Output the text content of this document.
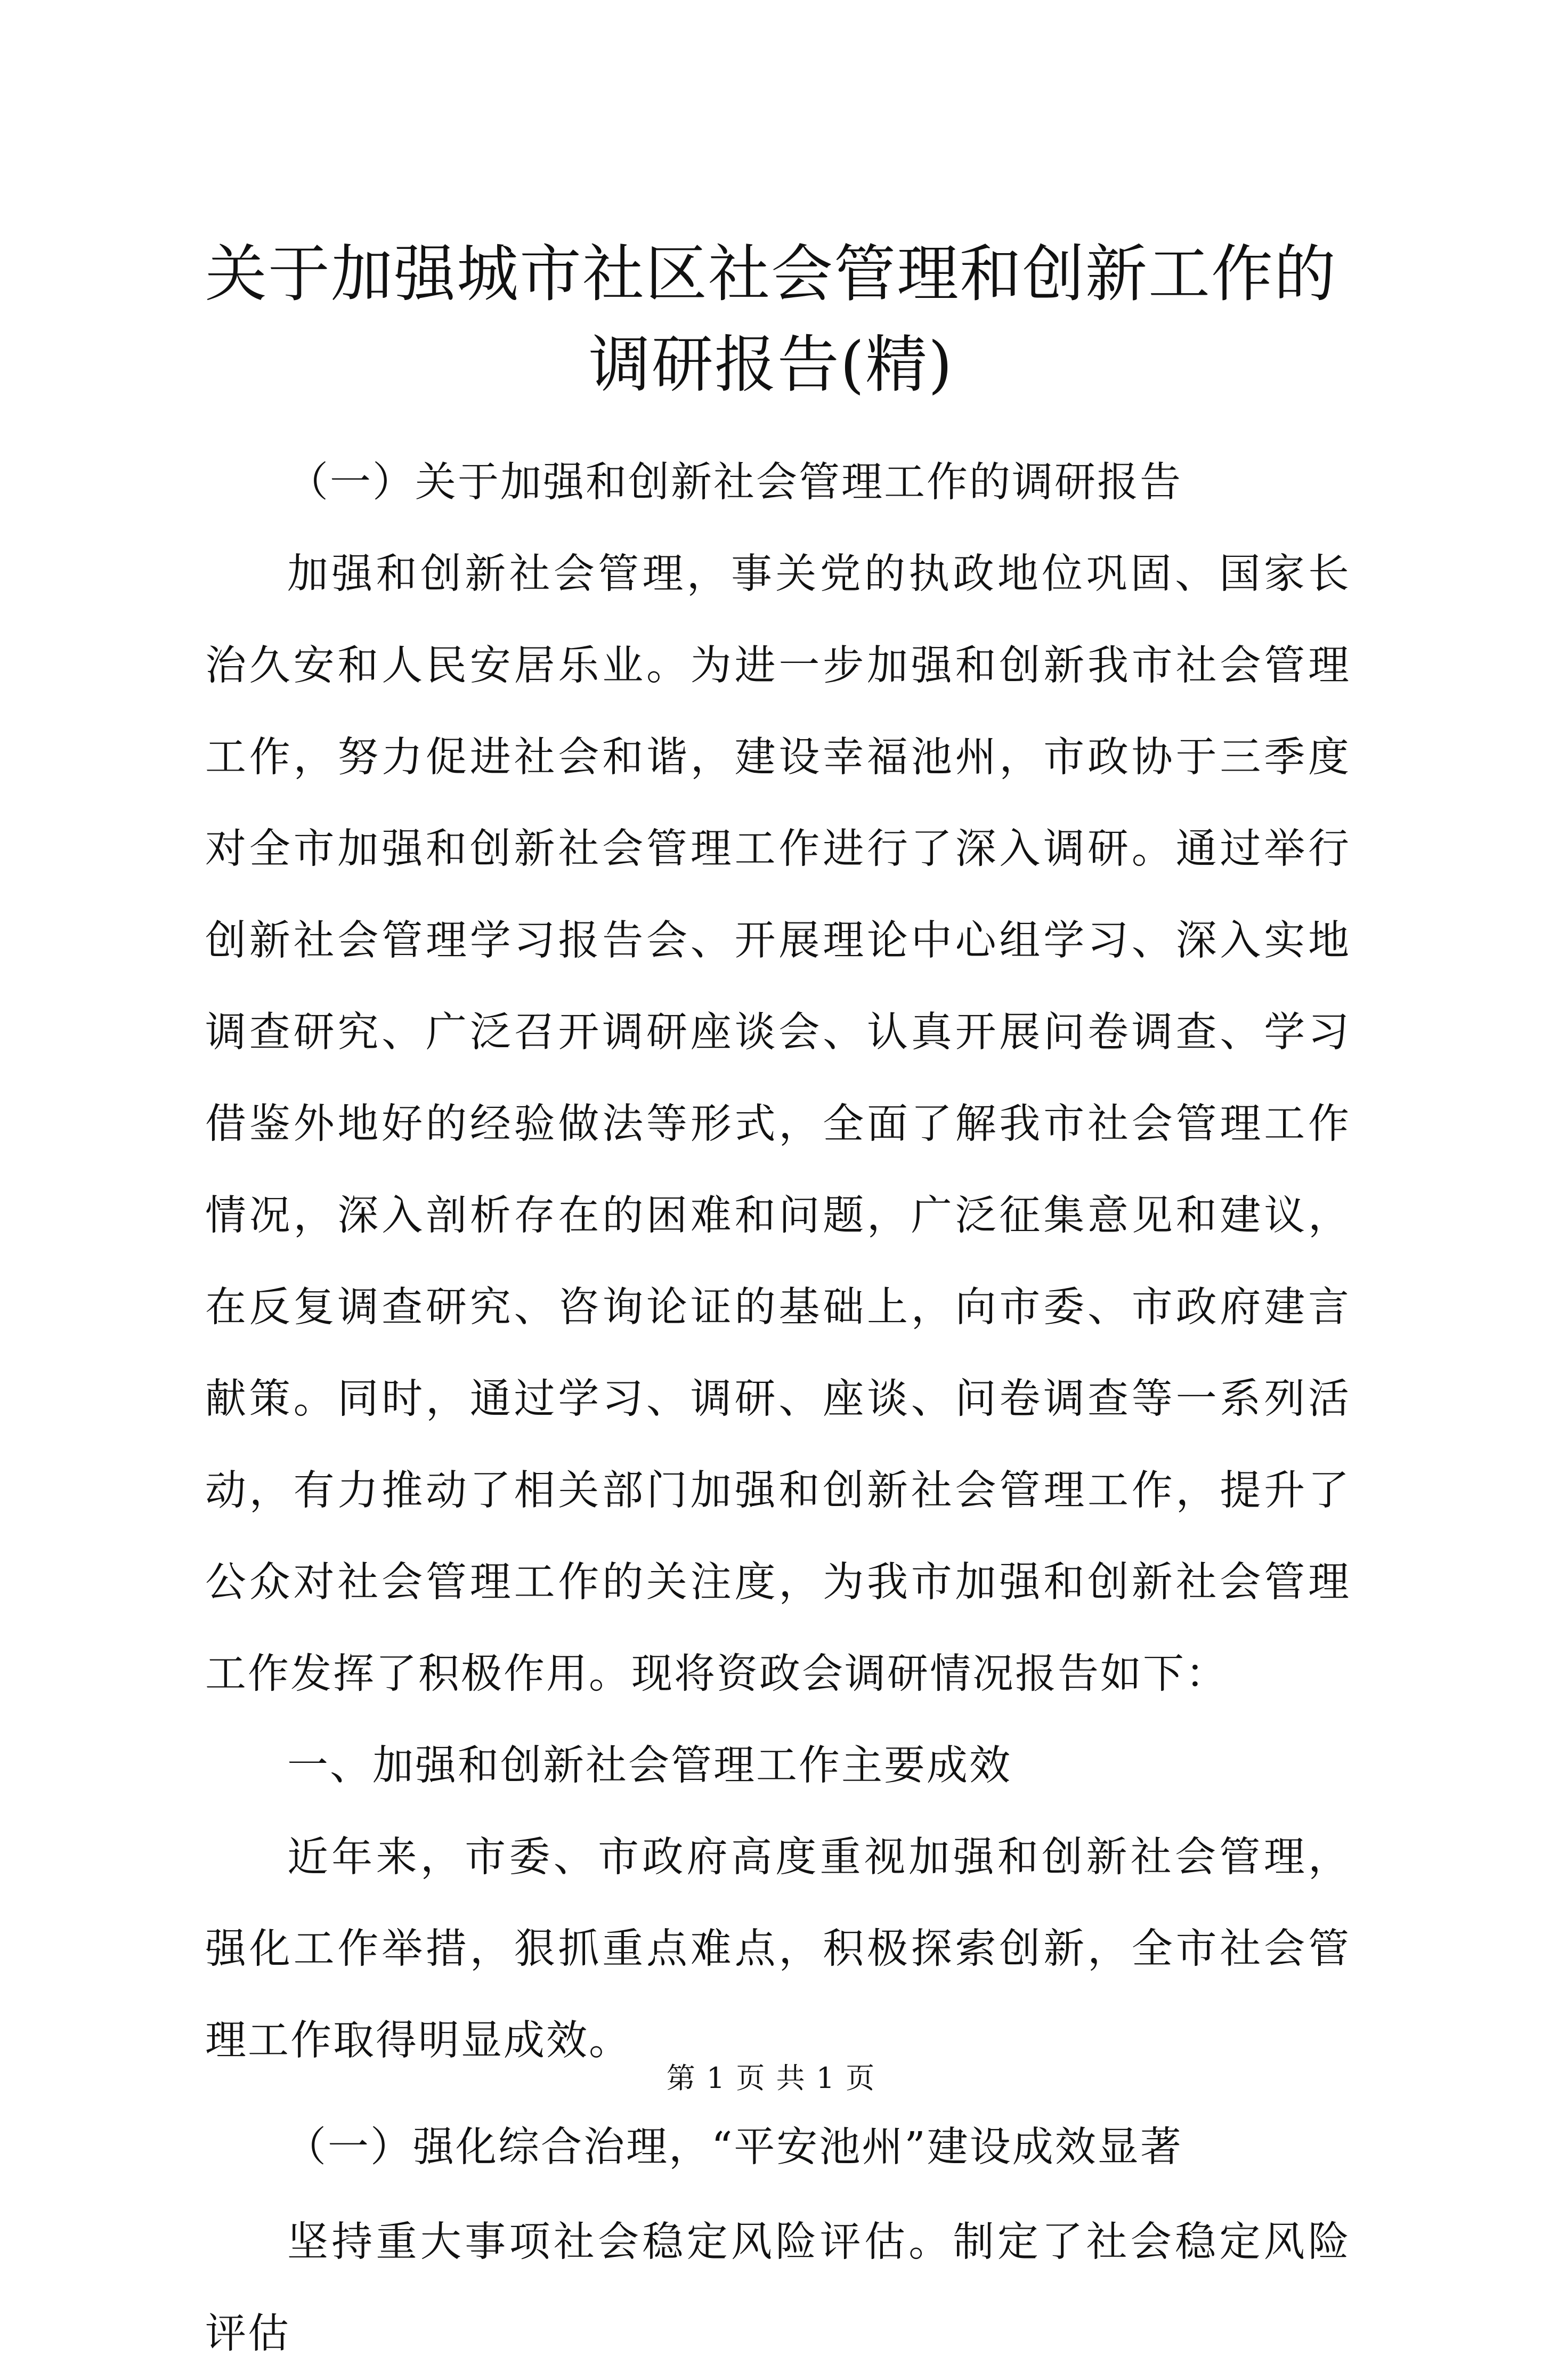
关于加强城市社区社会管理和创新工作的调研报告(精)

（一）关于加强和创新社会管理工作的调研报告

加强和创新社会管理，事关党的执政地位巩固、国家长治久安和人民安居乐业。为进一步加强和创新我市社会管理工作，努力促进社会和谐，建设幸福池州，市政协于三季度对全市加强和创新社会管理工作进行了深入调研。通过举行创新社会管理学习报告会、开展理论中心组学习、深入实地调查研究、广泛召开调研座谈会、认真开展问卷调查、学习借鉴外地好的经验做法等形式，全面了解我市社会管理工作情况，深入剖析存在的困难和问题，广泛征集意见和建议，在反复调查研究、咨询论证的基础上，向市委、市政府建言献策。同时，通过学习、调研、座谈、问卷调查等一系列活动，有力推动了相关部门加强和创新社会管理工作，提升了公众对社会管理工作的关注度，为我市加强和创新社会管理工作发挥了积极作用。现将资政会调研情况报告如下：

一、加强和创新社会管理工作主要成效

近年来，市委、市政府高度重视加强和创新社会管理，强化工作举措，狠抓重点难点，积极探索创新，全市社会管理工作取得明显成效。

（一）强化综合治理，“平安池州”建设成效显著

坚持重大事项社会稳定风险评估。制定了社会稳定风险评估

第 1 页 共 1 页
